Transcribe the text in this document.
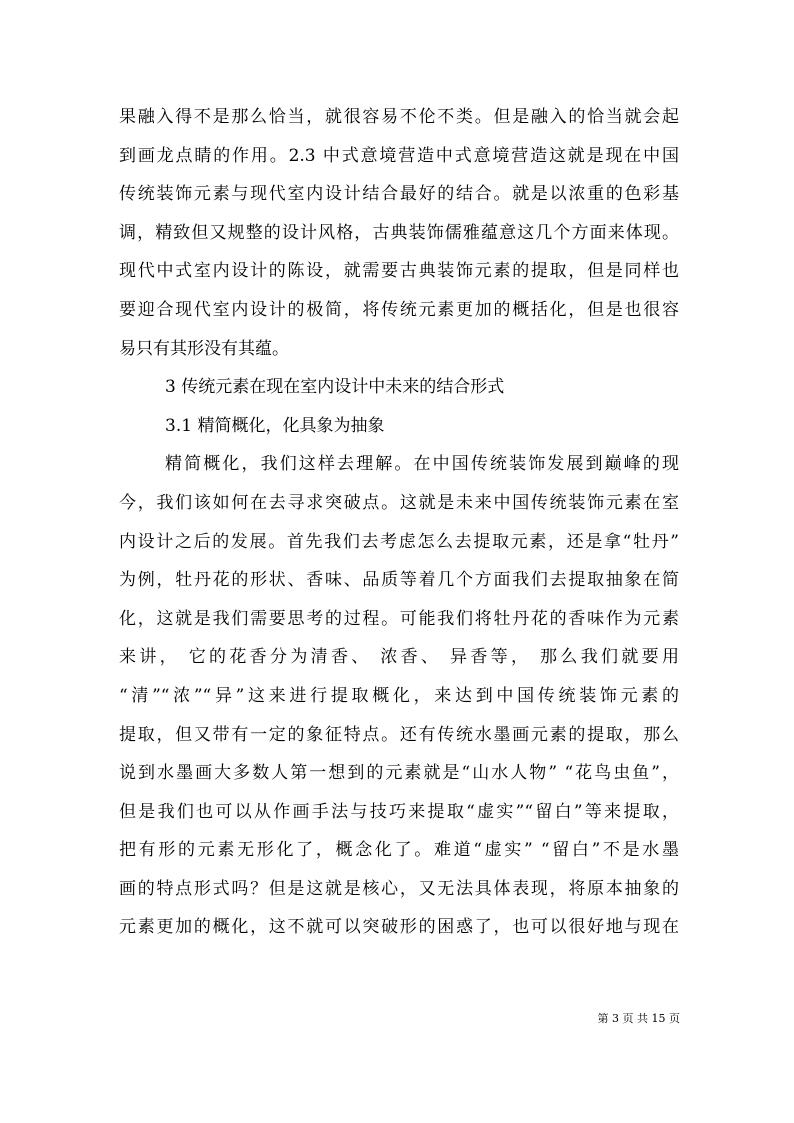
果融入得不是那么恰当，就很容易不伦不类。但是融入的恰当就会起
到画龙点睛的作用。2.3 中式意境营造中式意境营造这就是现在中国
传统装饰元素与现代室内设计结合最好的结合。就是以浓重的色彩基
调，精致但又规整的设计风格，古典装饰儒雅蕴意这几个方面来体现。
现代中式室内设计的陈设，就需要古典装饰元素的提取，但是同样也
要迎合现代室内设计的极简，将传统元素更加的概括化，但是也很容
易只有其形没有其蕴。
3 传统元素在现在室内设计中未来的结合形式
3.1 精简概化，化具象为抽象
精简概化，我们这样去理解。在中国传统装饰发展到巅峰的现
今，我们该如何在去寻求突破点。这就是未来中国传统装饰元素在室
内设计之后的发展。首先我们去考虑怎么去提取元素，还是拿“牡丹”
为例，牡丹花的形状、香味、品质等着几个方面我们去提取抽象在简
化，这就是我们需要思考的过程。可能我们将牡丹花的香味作为元素
来讲， 它的花香分为清香、 浓香、 异香等， 那么我们就要用
“清”“浓”“异”这来进行提取概化，来达到中国传统装饰元素的
提取，但又带有一定的象征特点。还有传统水墨画元素的提取，那么
说到水墨画大多数人第一想到的元素就是“山水人物” “花鸟虫鱼”，
但是我们也可以从作画手法与技巧来提取“虚实”“留白”等来提取，
把有形的元素无形化了，概念化了。难道“虚实” “留白”不是水墨
画的特点形式吗？但是这就是核心，又无法具体表现，将原本抽象的
元素更加的概化，这不就可以突破形的困惑了，也可以很好地与现在
第 3 页 共 15 页
